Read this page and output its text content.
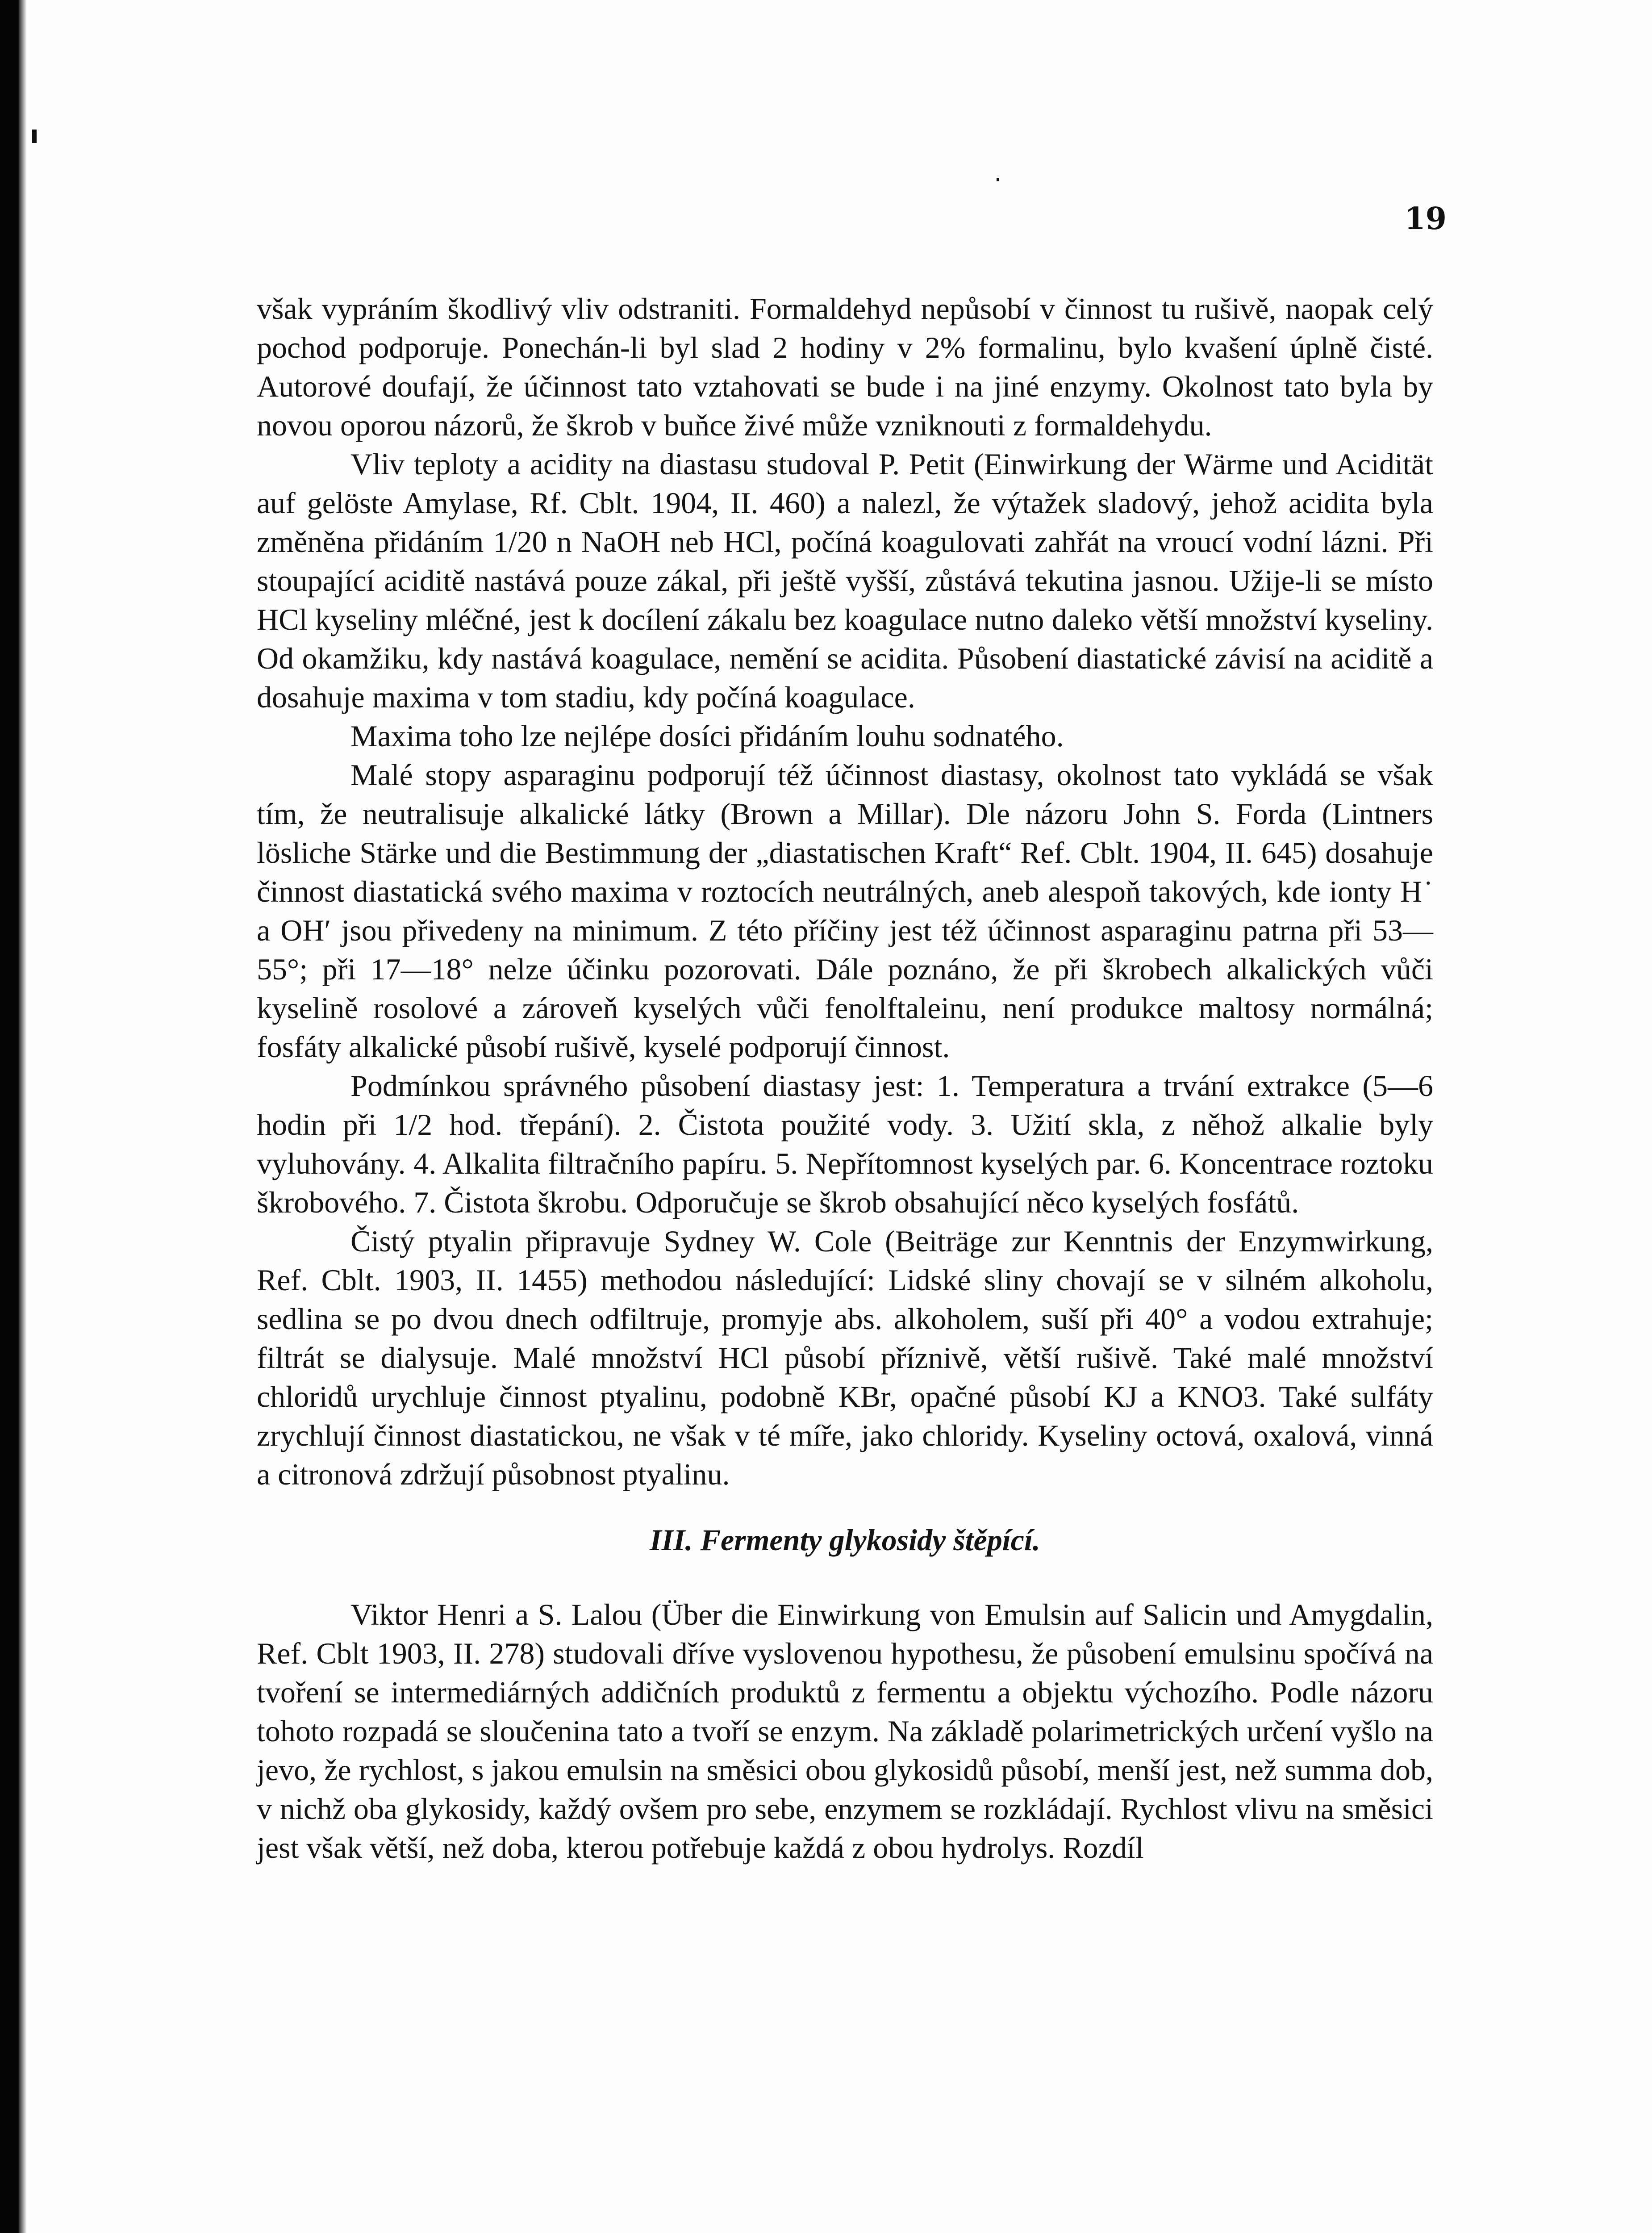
19

však vypráním škodlivý vliv odstraniti. Formaldehyd nepůsobí v činnost tu rušivě, naopak celý pochod podporuje. Ponechán-li byl slad 2 hodiny v 2% formalinu, bylo kvašení úplně čisté. Autorové doufají, že účinnost tato vztahovati se bude i na jiné enzymy. Okolnost tato byla by novou oporou názorů, že škrob v buňce živé může vzniknouti z formaldehydu.

Vliv teploty a acidity na diastasu studoval P. Petit (Einwirkung der Wärme und Acidität auf gelöste Amylase, Rf. Cblt. 1904, II. 460) a nalezl, že výtažek sladový, jehož acidita byla změněna přidáním 1/20 n NaOH neb HCl, počíná koagulovati zahřát na vroucí vodní lázni. Při stoupající aciditě nastává pouze zákal, při ještě vyšší, zůstává tekutina jasnou. Užije-li se místo HCl kyseliny mléčné, jest k docílení zákalu bez koagulace nutno daleko větší množství kyseliny. Od okamžiku, kdy nastává koagulace, nemění se acidita. Působení diastatické závisí na aciditě a dosahuje maxima v tom stadiu, kdy počíná koagulace.

Maxima toho lze nejlépe dosíci přidáním louhu sodnatého.

Malé stopy asparaginu podporují též účinnost diastasy, okolnost tato vykládá se však tím, že neutralisuje alkalické látky (Brown a Millar). Dle názoru John S. Forda (Lintners lösliche Stärke und die Bestimmung der „diastatischen Kraft“ Ref. Cblt. 1904, II. 645) dosahuje činnost diastatická svého maxima v roztocích neutrálných, aneb alespoň takových, kde ionty H˙ a OH′ jsou přivedeny na minimum. Z této příčiny jest též účinnost asparaginu patrna při 53—55°; při 17—18° nelze účinku pozorovati. Dále poznáno, že při škrobech alkalických vůči kyselině rosolové a zároveň kyselých vůči fenolftaleinu, není produkce maltosy normálná; fosfáty alkalické působí rušivě, kyselé podporují činnost.

Podmínkou správného působení diastasy jest: 1. Temperatura a trvání extrakce (5—6 hodin při 1/2 hod. třepání). 2. Čistota použité vody. 3. Užití skla, z něhož alkalie byly vyluhovány. 4. Alkalita filtračního papíru. 5. Nepřítomnost kyselých par. 6. Koncentrace roztoku škrobového. 7. Čistota škrobu. Odporučuje se škrob obsahující něco kyselých fosfátů.

Čistý ptyalin připravuje Sydney W. Cole (Beiträge zur Kenntnis der Enzymwirkung, Ref. Cblt. 1903, II. 1455) methodou následující: Lidské sliny chovají se v silném alkoholu, sedlina se po dvou dnech odfiltruje, promyje abs. alkoholem, suší při 40° a vodou extrahuje; filtrát se dialysuje. Malé množství HCl působí příznivě, větší rušivě. Také malé množství chloridů urychluje činnost ptyalinu, podobně KBr, opačné působí KJ a KNO3. Také sulfáty zrychlují činnost diastatickou, ne však v té míře, jako chloridy. Kyseliny octová, oxalová, vinná a citronová zdržují působnost ptyalinu.

III. Fermenty glykosidy štěpící.

Viktor Henri a S. Lalou (Über die Einwirkung von Emulsin auf Salicin und Amygdalin, Ref. Cblt 1903, II. 278) studovali dříve vyslovenou hypothesu, že působení emulsinu spočívá na tvoření se intermediárných addičních produktů z fermentu a objektu výchozího. Podle názoru tohoto rozpadá se sloučenina tato a tvoří se enzym. Na základě polarimetrických určení vyšlo na jevo, že rychlost, s jakou emulsin na směsici obou glykosidů působí, menší jest, než summa dob, v nichž oba glykosidy, každý ovšem pro sebe, enzymem se rozkládají. Rychlost vlivu na směsici jest však větší, než doba, kterou potřebuje každá z obou hydrolys. Rozdíl
